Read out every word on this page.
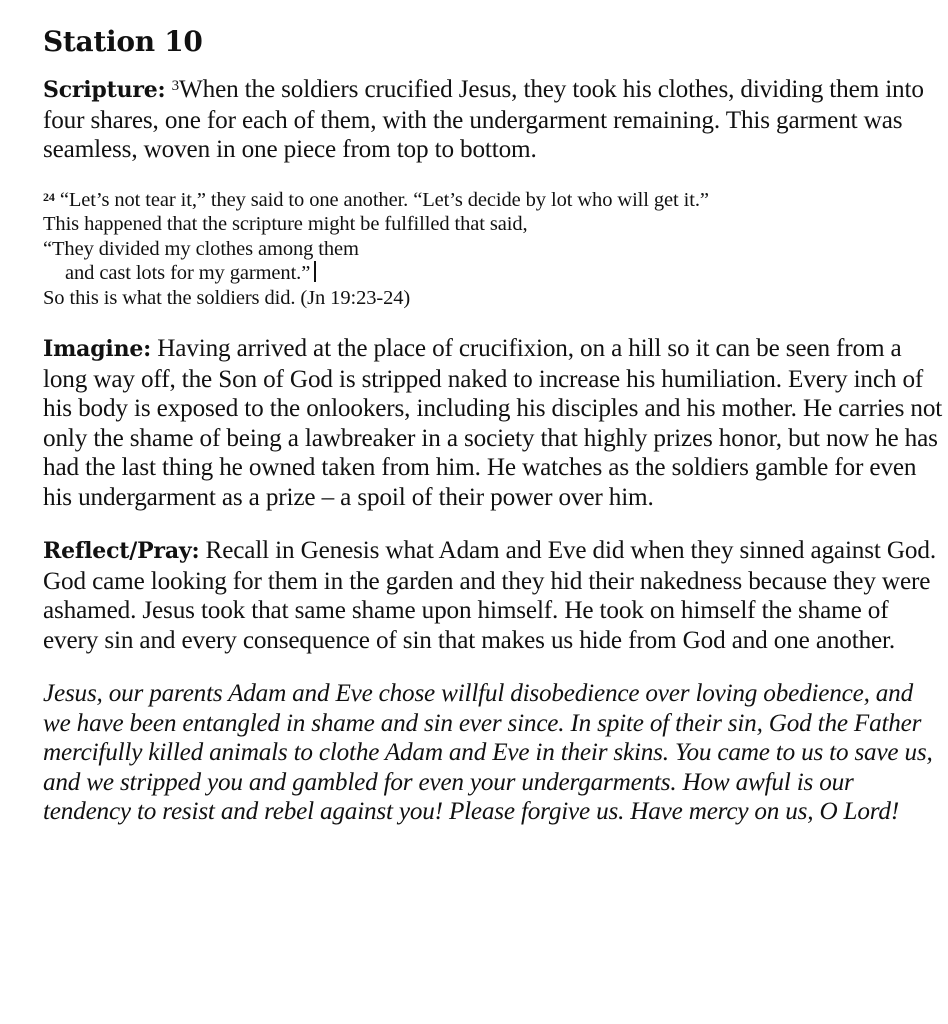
Station 10

Scripture: $^3$When the soldiers crucified Jesus, they took his clothes, dividing them into four shares, one for each of them, with the undergarment remaining. This garment was seamless, woven in one piece from top to bottom.

$^{24}$ “Let’s not tear it,” they said to one another. “Let’s decide by lot who will get it.”
This happened that the scripture might be fulfilled that said,
“They divided my clothes among them
and cast lots for my garment.”
So this is what the soldiers did. (Jn 19:23-24)

Imagine: Having arrived at the place of crucifixion, on a hill so it can be seen from a long way off, the Son of God is stripped naked to increase his humiliation. Every inch of his body is exposed to the onlookers, including his disciples and his mother. He carries not only the shame of being a lawbreaker in a society that highly prizes honor, but now he has had the last thing he owned taken from him. He watches as the soldiers gamble for even his undergarment as a prize – a spoil of their power over him.

Reflect/Pray: Recall in Genesis what Adam and Eve did when they sinned against God. God came looking for them in the garden and they hid their nakedness because they were ashamed. Jesus took that same shame upon himself. He took on himself the shame of every sin and every consequence of sin that makes us hide from God and one another.

Jesus, our parents Adam and Eve chose willful disobedience over loving obedience, and we have been entangled in shame and sin ever since. In spite of their sin, God the Father mercifully killed animals to clothe Adam and Eve in their skins. You came to us to save us, and we stripped you and gambled for even your undergarments. How awful is our tendency to resist and rebel against you! Please forgive us. Have mercy on us, O Lord!
